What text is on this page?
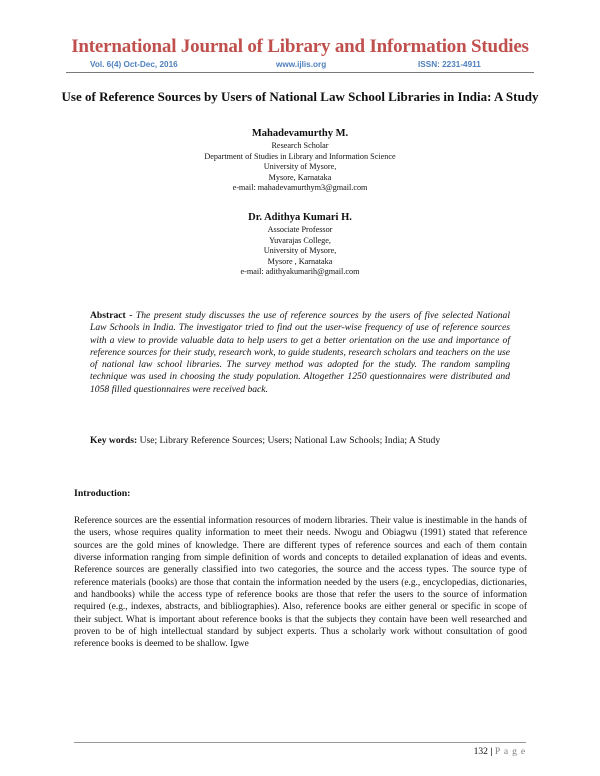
International Journal of Library and Information Studies
Vol. 6(4) Oct-Dec, 2016	www.ijlis.org	ISSN: 2231-4911
Use of Reference Sources by Users of National Law School Libraries in India: A Study
Mahadevamurthy M.
Research Scholar
Department of Studies in Library and Information Science
University of Mysore,
Mysore, Karnataka
e-mail: mahadevamurthym3@gmail.com
Dr. Adithya Kumari H.
Associate Professor
Yuvarajas College,
University of Mysore,
Mysore , Karnataka
e-mail: adithyakumarih@gmail.com
Abstract - The present study discusses the use of reference sources by the users of five selected National Law Schools in India. The investigator tried to find out the user-wise frequency of use of reference sources with a view to provide valuable data to help users to get a better orientation on the use and importance of reference sources for their study, research work, to guide students, research scholars and teachers on the use of national law school libraries. The survey method was adopted for the study. The random sampling technique was used in choosing the study population. Altogether 1250 questionnaires were distributed and 1058 filled questionnaires were received back.
Key words: Use; Library Reference Sources; Users; National Law Schools; India; A Study
Introduction:
Reference sources are the essential information resources of modern libraries. Their value is inestimable in the hands of the users, whose requires quality information to meet their needs. Nwogu and Obiagwu (1991) stated that reference sources are the gold mines of knowledge. There are different types of reference sources and each of them contain diverse information ranging from simple definition of words and concepts to detailed explanation of ideas and events. Reference sources are generally classified into two categories, the source and the access types. The source type of reference materials (books) are those that contain the information needed by the users (e.g., encyclopedias, dictionaries, and handbooks) while the access type of reference books are those that refer the users to the source of information required (e.g., indexes, abstracts, and bibliographies). Also, reference books are either general or specific in scope of their subject. What is important about reference books is that the subjects they contain have been well researched and proven to be of high intellectual standard by subject experts. Thus a scholarly work without consultation of good reference books is deemed to be shallow. Igwe
132 | P a g e
